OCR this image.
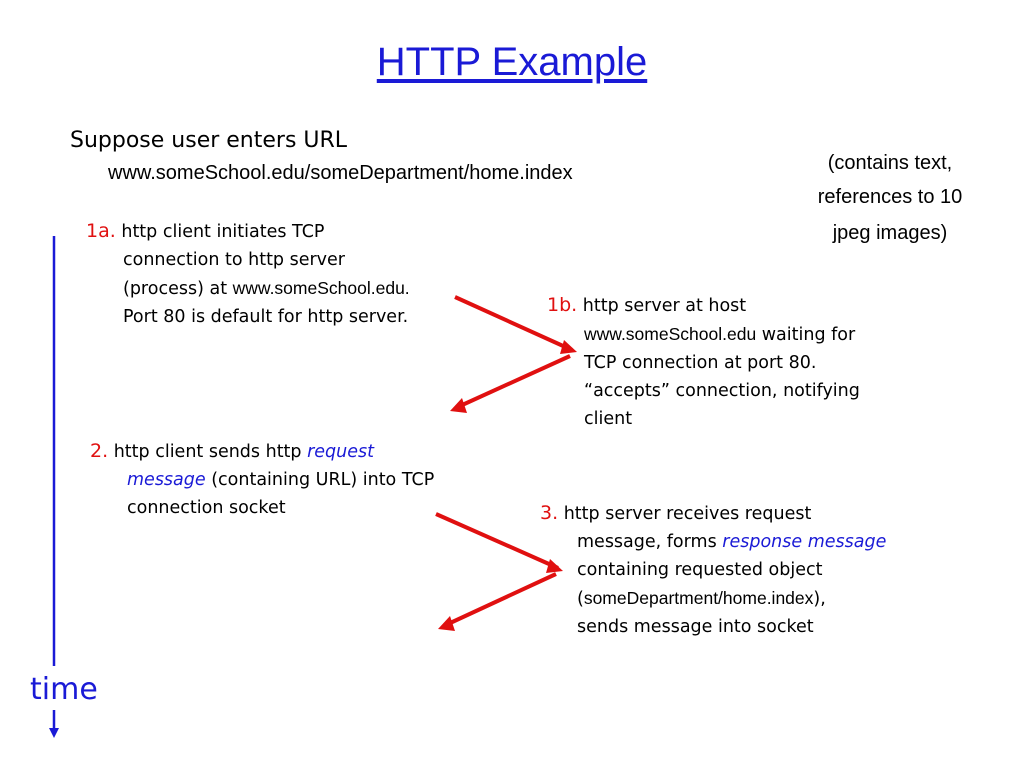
HTTP Example
Suppose user enters URL
www.someSchool.edu/someDepartment/home.index	(contains text,
references to 10

jpeg images)
1a. http client initiates TCP
connection to http server
(process) at www.someSchool.edu.
Port 80 is default for http server.
1b. http server at host
www.someSchool.edu waiting for
TCP connection at port 80.
“accepts” connection, notifying
client
2. http client sends http request
message (containing URL) into TCP
connection socket	3. http server receives request
message, forms response message
containing requested object
(someDepartment/home.index),
sends message into socket
time
